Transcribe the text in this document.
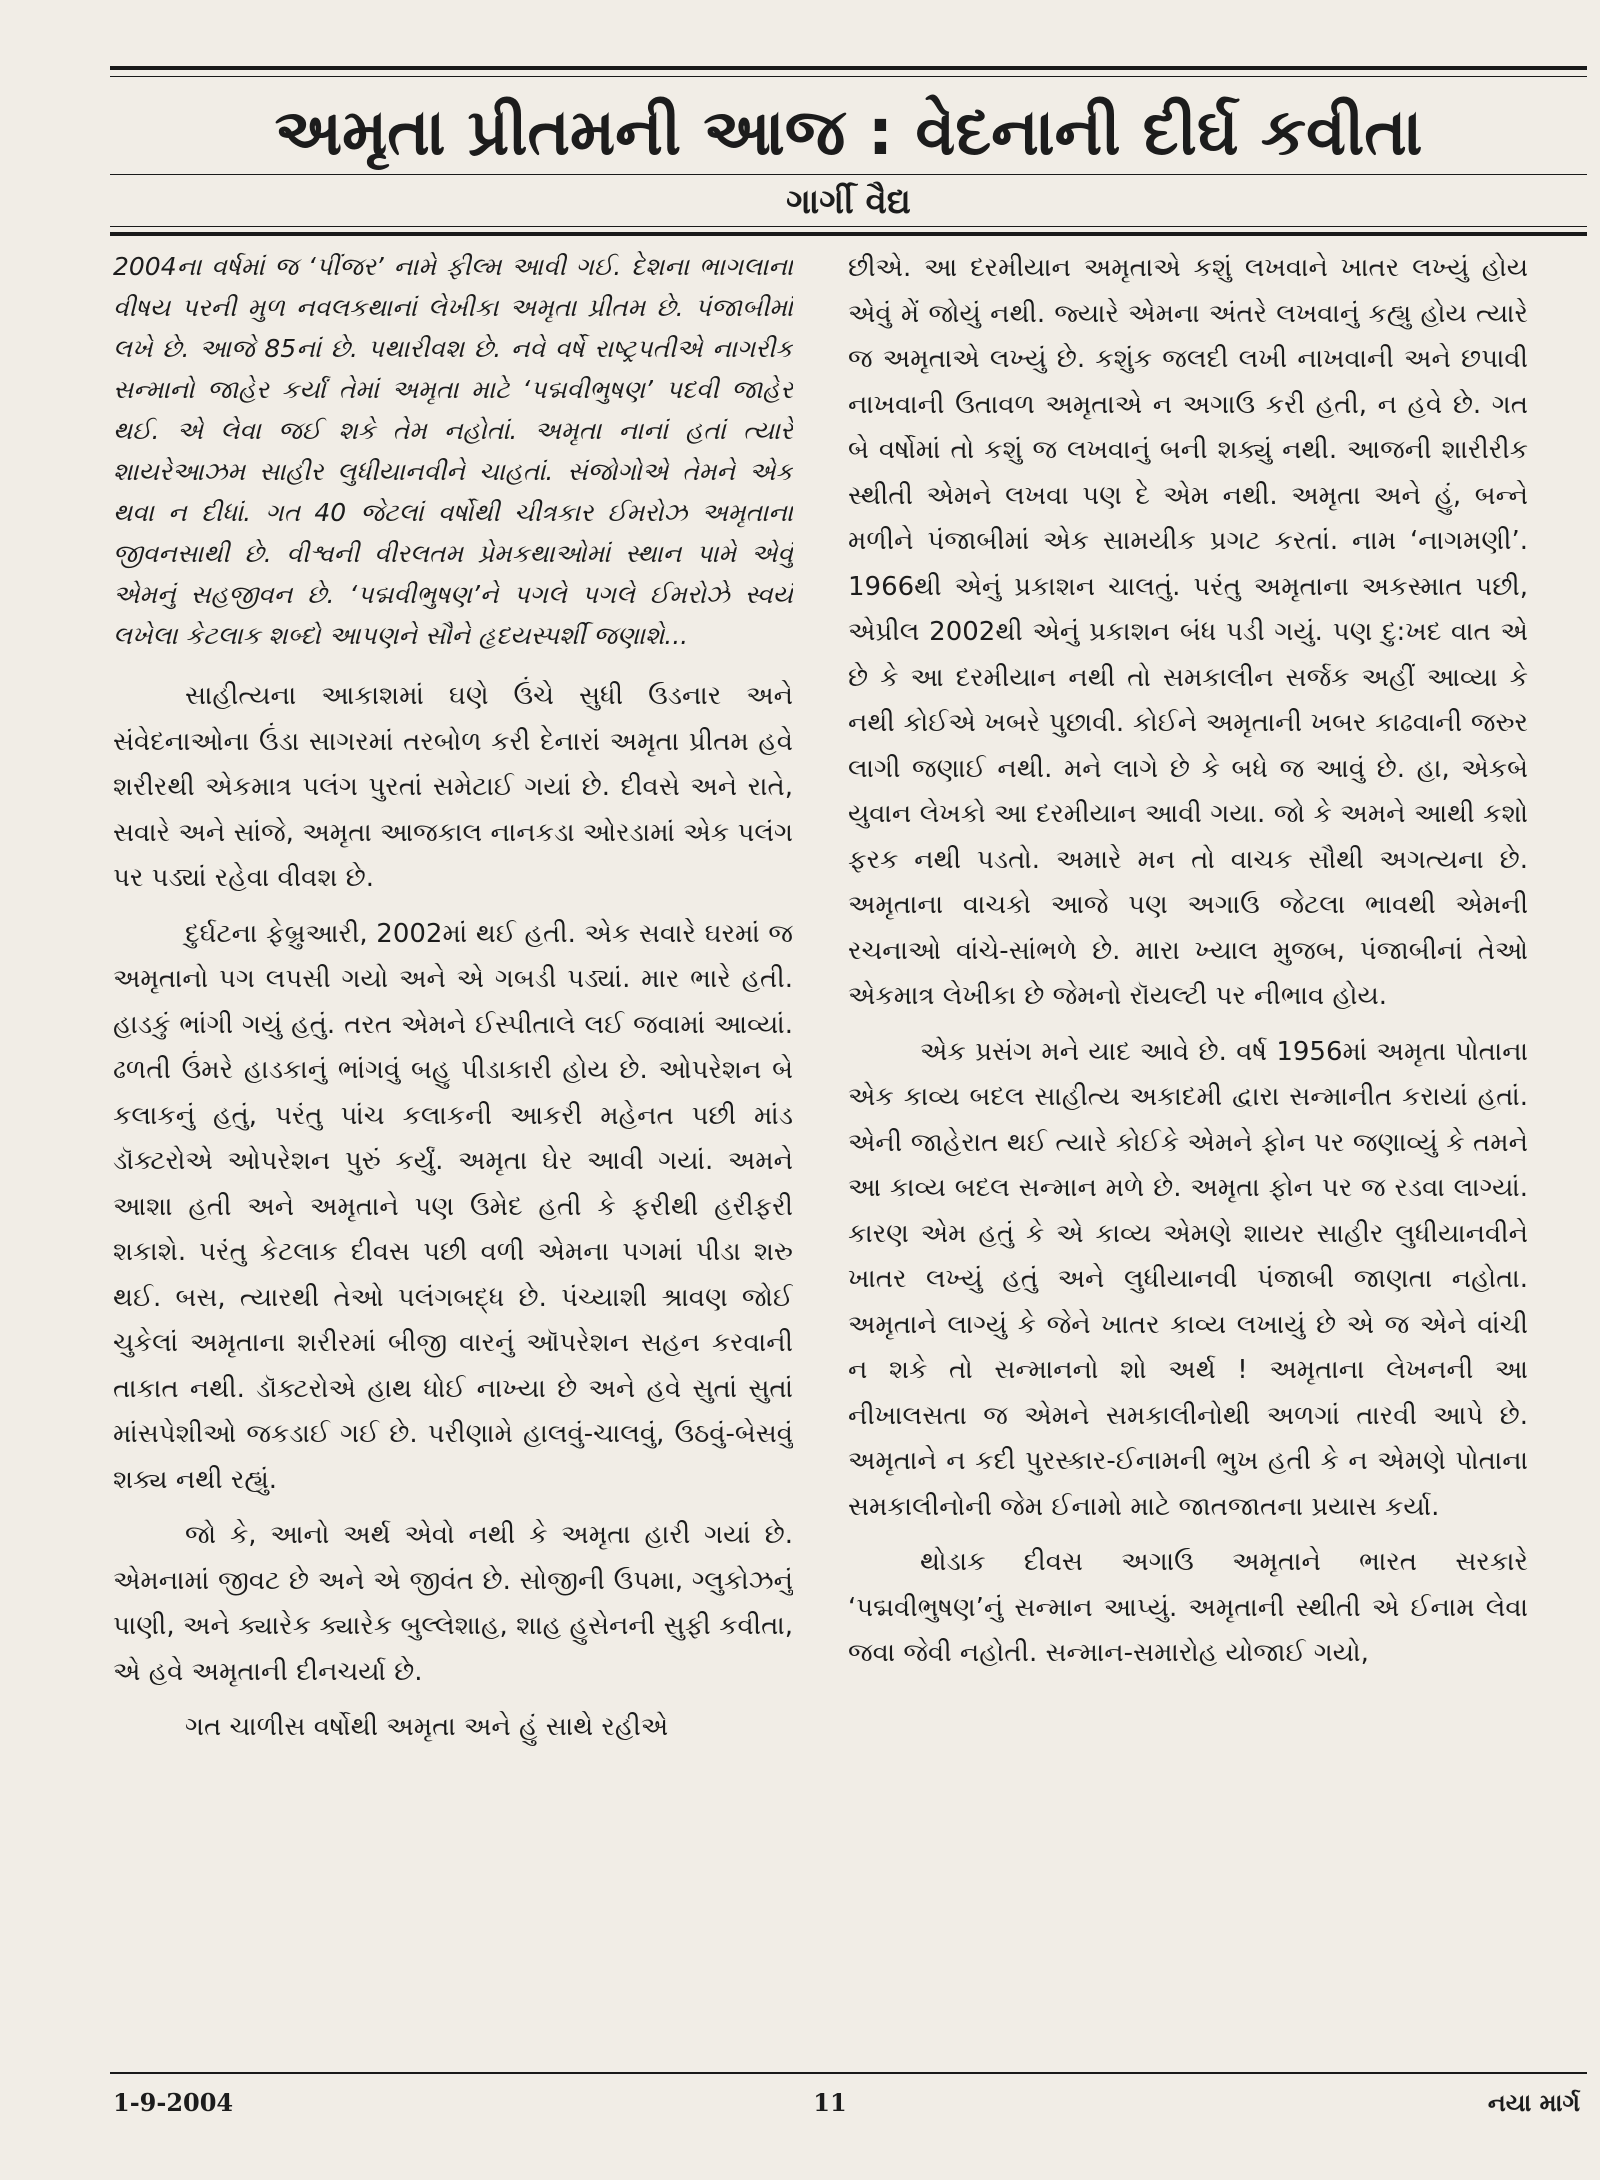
અમૃતા પ્રીતમની આજ : વેદનાની દીર્ઘ કવીતા
ગાર્ગી વૈદ્ય

2004ના વર્ષમાં જ ‘પીંજર’ નામે ફીલ્મ આવી ગઈ. દેશના ભાગલાના વીષય પરની મુળ નવલકથાનાં લેખીકા અમૃતા પ્રીતમ છે. પંજાબીમાં લખે છે. આજે 85નાં છે. પથારીવશ છે. નવે વર્ષે રાષ્ટ્રપતીએ નાગરીક સન્માનો જાહેર કર્યાં તેમાં અમૃતા માટે ‘પદ્મવીભુષણ’ પદવી જાહેર થઈ. એ લેવા જઈ શકે તેમ નહોતાં. અમૃતા નાનાં હતાં ત્યારે શાયરેઆઝમ સાહીર લુધીયાનવીને ચાહતાં. સંજોગોએ તેમને એક થવા ન દીધાં. ગત 40 જેટલાં વર્ષોથી ચીત્રકાર ઈમરોઝ અમૃતાના જીવનસાથી છે. વીશ્વની વીરલતમ પ્રેમકથાઓમાં સ્થાન પામે એવું એમનું સહજીવન છે. ‘પદ્મવીભુષણ’ને પગલે પગલે ઈમરોઝે સ્વયં લખેલા કેટલાક શબ્દો આપણને સૌને હૃદયસ્પર્શી જણાશે...

સાહીત્યના આકાશમાં ઘણે ઉંચે સુધી ઉડનાર અને સંવેદનાઓના ઉંડા સાગરમાં તરબોળ કરી દેનારાં અમૃતા પ્રીતમ હવે શરીરથી એકમાત્ર પલંગ પુરતાં સમેટાઈ ગયાં છે. દીવસે અને રાતે, સવારે અને સાંજે, અમૃતા આજકાલ નાનકડા ઓરડામાં એક પલંગ પર પડ્યાં રહેવા વીવશ છે.

દુર્ઘટના ફેબ્રુઆરી, 2002માં થઈ હતી. એક સવારે ઘરમાં જ અમૃતાનો પગ લપસી ગયો અને એ ગબડી પડ્યાં. માર ભારે હતી. હાડકું ભાંગી ગયું હતું. તરત એમને ઈસ્પીતાલે લઈ જવામાં આવ્યાં. ઢળતી ઉંમરે હાડકાનું ભાંગવું બહુ પીડાકારી હોય છે. ઓપરેશન બે કલાકનું હતું, પરંતુ પાંચ કલાકની આકરી મહેનત પછી માંડ ડૉક્ટરોએ ઓપરેશન પુરું કર્યું. અમૃતા ઘેર આવી ગયાં. અમને આશા હતી અને અમૃતાને પણ ઉમેદ હતી કે ફરીથી હરીફરી શકાશે. પરંતુ કેટલાક દીવસ પછી વળી એમના પગમાં પીડા શરુ થઈ. બસ, ત્યારથી તેઓ પલંગબદ્ધ છે. પંચ્યાશી શ્રાવણ જોઈ ચુકેલાં અમૃતાના શરીરમાં બીજી વારનું ઑપરેશન સહન કરવાની તાકાત નથી. ડૉક્ટરોએ હાથ ધોઈ નાખ્યા છે અને હવે સુતાં સુતાં માંસપેશીઓ જકડાઈ ગઈ છે. પરીણામે હાલવું-ચાલવું, ઉઠવું-બેસવું શક્ય નથી રહ્યું.

જો કે, આનો અર્થ એવો નથી કે અમૃતા હારી ગયાં છે. એમનામાં જીવટ છે અને એ જીવંત છે. સોજીની ઉપમા, ગ્લુકોઝનું પાણી, અને ક્યારેક ક્યારેક બુલ્લેશાહ, શાહ હુસેનની સુફી કવીતા, એ હવે અમૃતાની દીનચર્યા છે.

ગત ચાળીસ વર્ષોથી અમૃતા અને હું સાથે રહીએ

છીએ. આ દરમીયાન અમૃતાએ કશું લખવાને ખાતર લખ્યું હોય એવું મેં જોયું નથી. જ્યારે એમના અંતરે લખવાનું કહ્યુ હોય ત્યારે જ અમૃતાએ લખ્યું છે. કશુંક જલદી લખી નાખવાની અને છપાવી નાખવાની ઉતાવળ અમૃતાએ ન અગાઉ કરી હતી, ન હવે છે. ગત બે વર્ષોમાં તો કશું જ લખવાનું બની શક્યું નથી. આજની શારીરીક સ્થીતી એમને લખવા પણ દે એમ નથી. અમૃતા અને હું, બન્ને મળીને પંજાબીમાં એક સામયીક પ્રગટ કરતાં. નામ ‘નાગમણી’. 1966થી એનું પ્રકાશન ચાલતું. પરંતુ અમૃતાના અકસ્માત પછી, એપ્રીલ 2002થી એનું પ્રકાશન બંધ પડી ગયું. પણ દુ:ખદ વાત એ છે કે આ દરમીયાન નથી તો સમકાલીન સર્જક અહીં આવ્યા કે નથી કોઈએ ખબરે પુછાવી. કોઈને અમૃતાની ખબર કાઢવાની જરુર લાગી જણાઈ નથી. મને લાગે છે કે બધે જ આવું છે. હા, એકબે યુવાન લેખકો આ દરમીયાન આવી ગયા. જો કે અમને આથી કશો ફરક નથી પડતો. અમારે મન તો વાચક સૌથી અગત્યના છે. અમૃતાના વાચકો આજે પણ અગાઉ જેટલા ભાવથી એમની રચનાઓ વાંચે-સાંભળે છે. મારા ખ્યાલ મુજબ, પંજાબીનાં તેઓ એકમાત્ર લેખીકા છે જેમનો રૉયલ્ટી પર નીભાવ હોય.

એક પ્રસંગ મને યાદ આવે છે. વર્ષ 1956માં અમૃતા પોતાના એક કાવ્ય બદલ સાહીત્ય અકાદમી દ્વારા સન્માનીત કરાયાં હતાં. એની જાહેરાત થઈ ત્યારે કોઈકે એમને ફોન પર જણાવ્યું કે તમને આ કાવ્ય બદલ સન્માન મળે છે. અમૃતા ફોન પર જ રડવા લાગ્યાં. કારણ એમ હતું કે એ કાવ્ય એમણે શાયર સાહીર લુધીયાનવીને ખાતર લખ્યું હતું અને લુધીયાનવી પંજાબી જાણતા નહોતા. અમૃતાને લાગ્યું કે જેને ખાતર કાવ્ય લખાયું છે એ જ એને વાંચી ન શકે તો સન્માનનો શો અર્થ ! અમૃતાના લેખનની આ નીખાલસતા જ એમને સમકાલીનોથી અળગાં તારવી આપે છે. અમૃતાને ન કદી પુરસ્કાર-ઈનામની ભુખ હતી કે ન એમણે પોતાના સમકાલીનોની જેમ ઈનામો માટે જાતજાતના પ્રયાસ કર્યા.

થોડાક દીવસ અગાઉ અમૃતાને ભારત સરકારે ‘પદ્મવીભુષણ’નું સન્માન આપ્યું. અમૃતાની સ્થીતી એ ઈનામ લેવા જવા જેવી નહોતી. સન્માન-સમારોહ યોજાઈ ગયો,

1-9-2004	11	નયા માર્ગ
